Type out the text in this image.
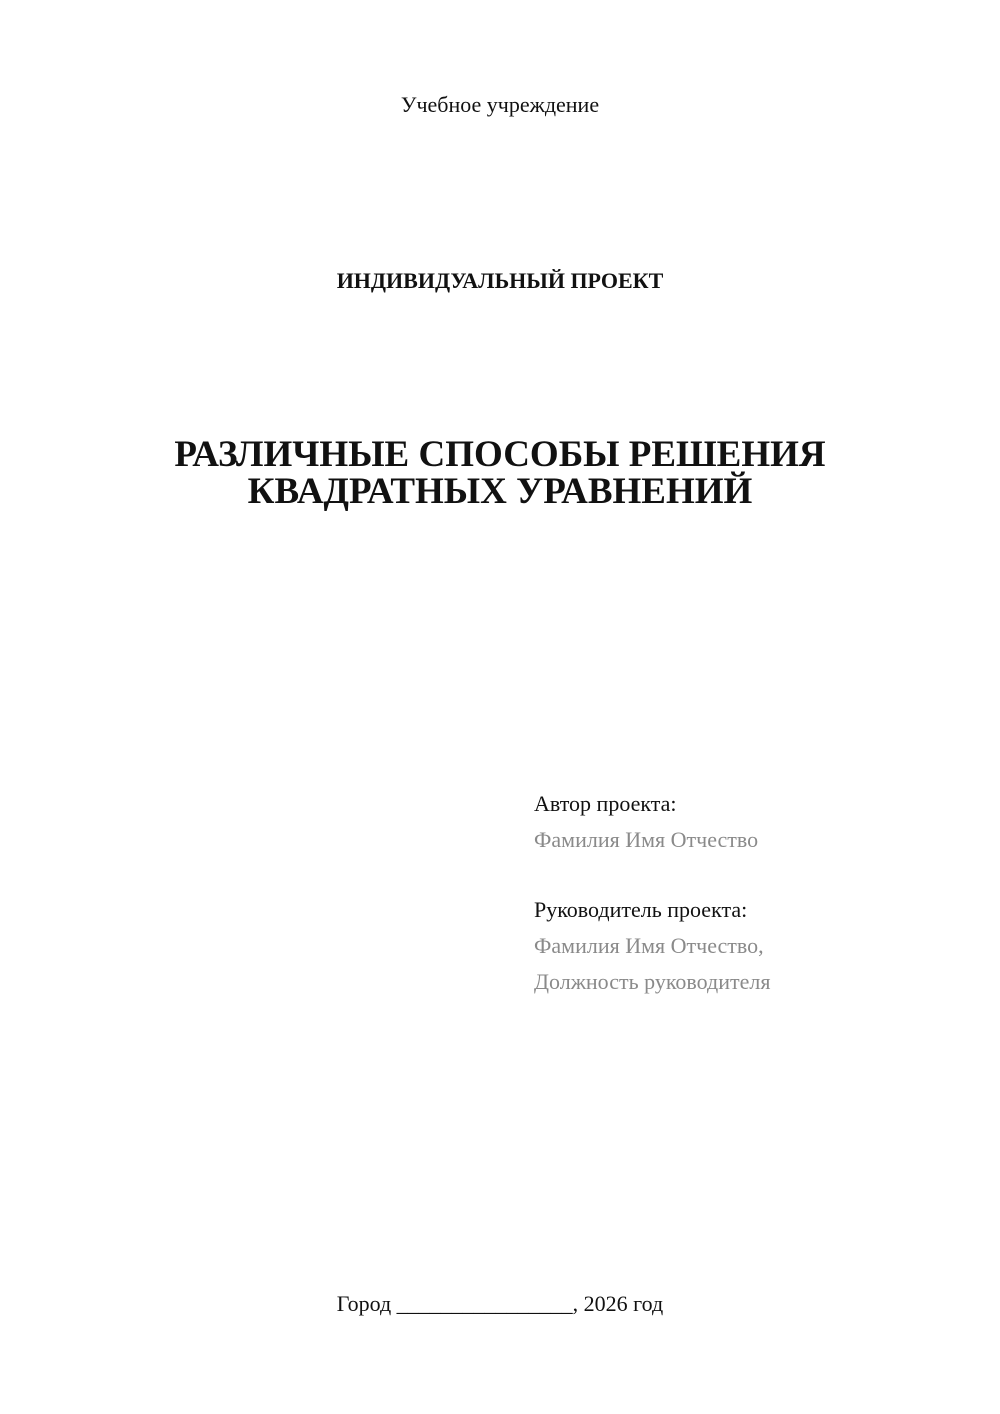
Учебное учреждение
ИНДИВИДУАЛЬНЫЙ ПРОЕКТ
РАЗЛИЧНЫЕ СПОСОБЫ РЕШЕНИЯ
КВАДРАТНЫХ УРАВНЕНИЙ
Автор проекта:
Фамилия Имя Отчество
Руководитель проекта:
Фамилия Имя Отчество,
Должность руководителя
Город ________________, 2026 год
